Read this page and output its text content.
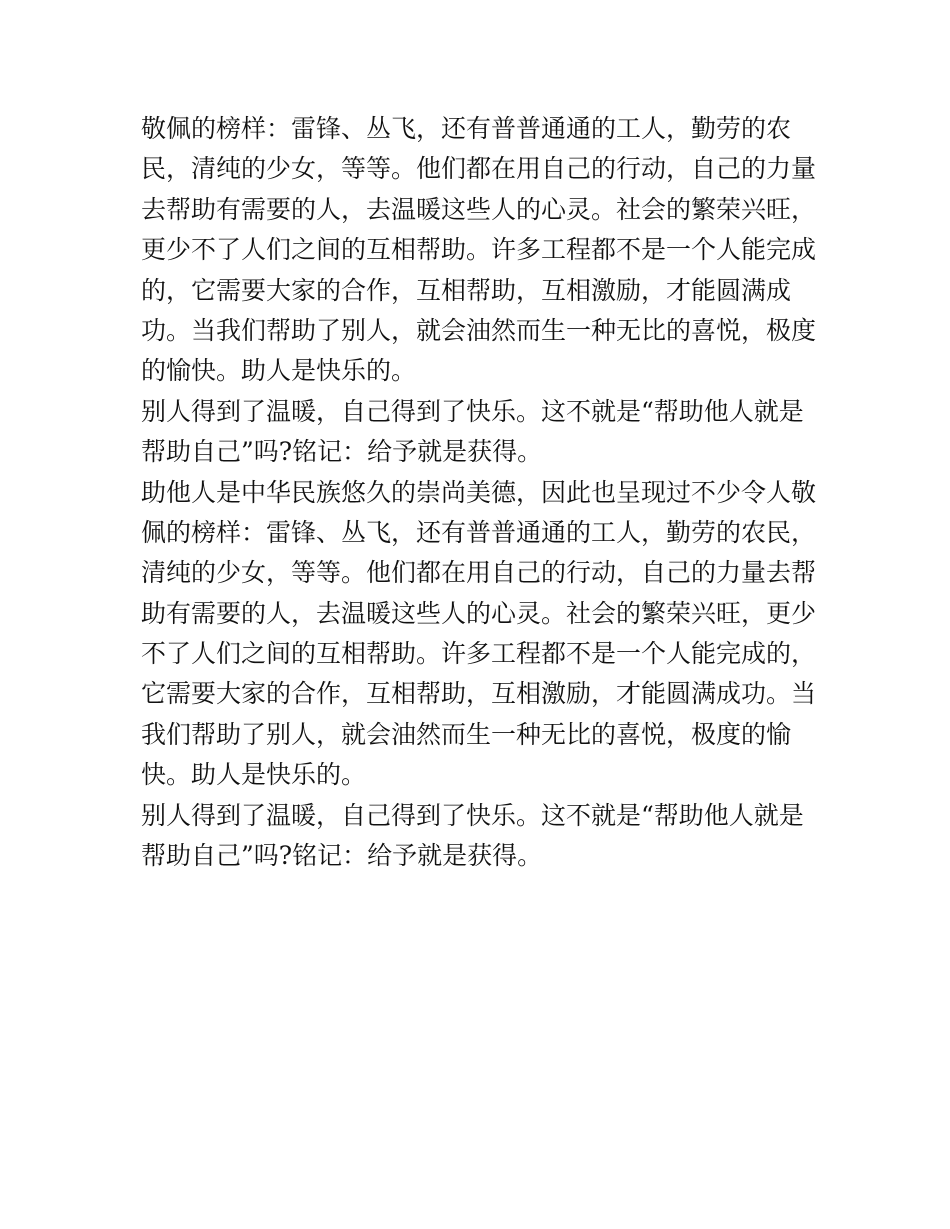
敬佩的榜样：雷锋、丛飞，还有普普通通的工人，勤劳的农
民，清纯的少女，等等。他们都在用自己的行动，自己的力量
去帮助有需要的人，去温暖这些人的心灵。社会的繁荣兴旺，
更少不了人们之间的互相帮助。许多工程都不是一个人能完成
的，它需要大家的合作，互相帮助，互相激励，才能圆满成
功。当我们帮助了别人，就会油然而生一种无比的喜悦，极度
的愉快。助人是快乐的。
别人得到了温暖，自己得到了快乐。这不就是“帮助他人就是
帮助自己”吗?铭记：给予就是获得。
助他人是中华民族悠久的崇尚美德，因此也呈现过不少令人敬
佩的榜样：雷锋、丛飞，还有普普通通的工人，勤劳的农民，
清纯的少女，等等。他们都在用自己的行动，自己的力量去帮
助有需要的人，去温暖这些人的心灵。社会的繁荣兴旺，更少
不了人们之间的互相帮助。许多工程都不是一个人能完成的，
它需要大家的合作，互相帮助，互相激励，才能圆满成功。当
我们帮助了别人，就会油然而生一种无比的喜悦，极度的愉
快。助人是快乐的。
别人得到了温暖，自己得到了快乐。这不就是“帮助他人就是
帮助自己”吗?铭记：给予就是获得。
